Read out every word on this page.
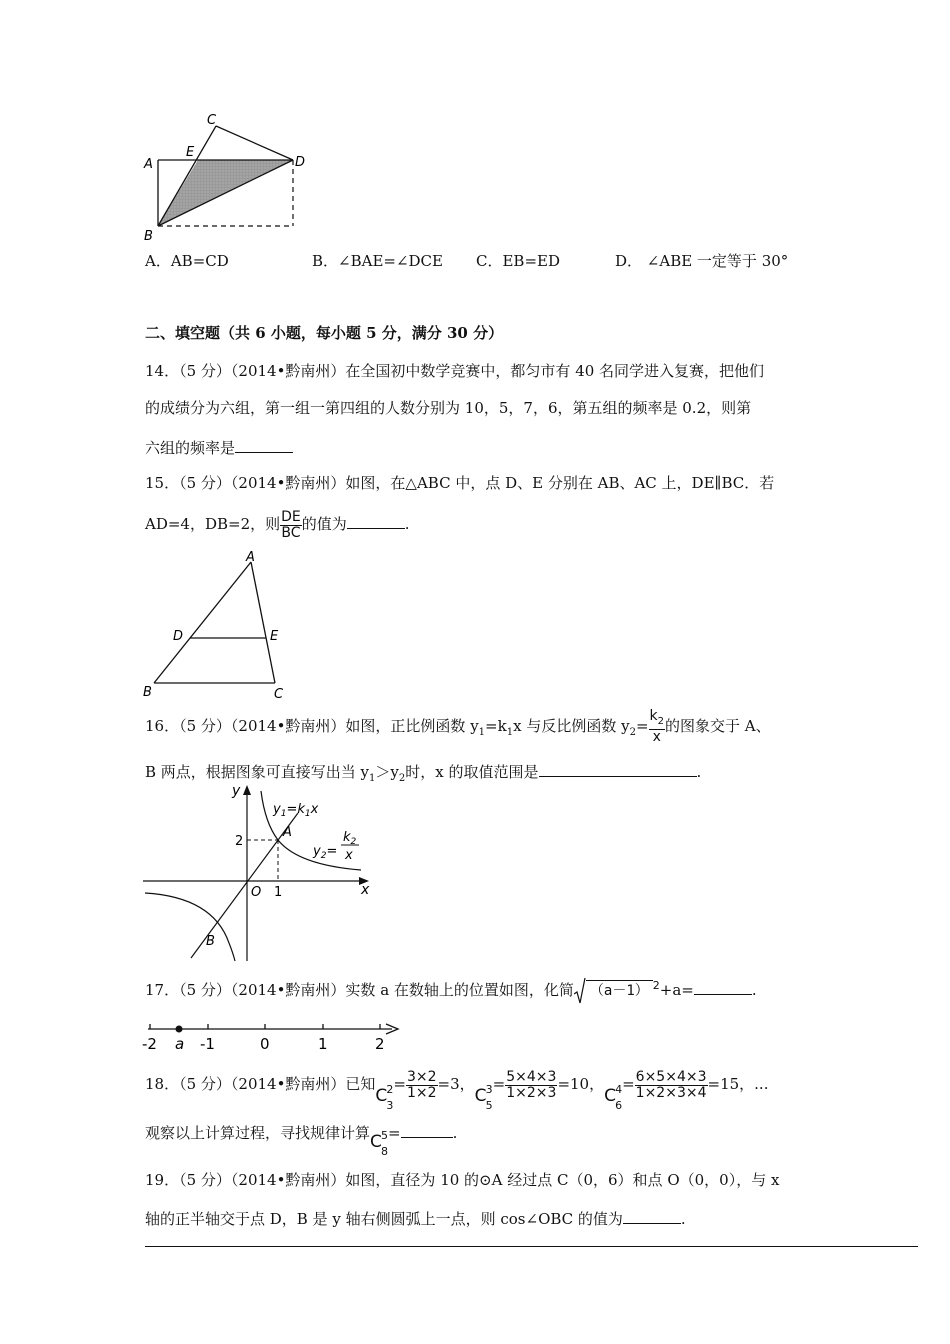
A
B
C
D
E
A．AB=CD	B．∠BAE=∠DCE C．EB=ED	D． ∠ABE 一定等于 30°
二、填空题（共 6 小题，每小题 5 分，满分 30 分）
14．（5 分）（2014•黔南州）在全国初中数学竞赛中，都匀市有 40 名同学进入复赛，把他们
的成绩分为六组，第一组一第四组的人数分别为 10，5，7，6，第五组的频率是 0.2，则第
六组的频率是
15．（5 分）（2014•黔南州）如图，在△ABC 中，点 D、E 分别在 AB、AC 上，DE∥BC．若
AD=4，DB=2，则 $\frac{DE}{BC}$ 的值为	.
A
B	C
D	E
16．（5 分）（2014•黔南州）如图，正比例函数 $y_1=k_1x$ 与反比例函数 $y_2= \frac{k_2}{x}$ 的图象交于 A、
B 两点，根据图象可直接写出当 $y_1>y_2$时，x 的取值范围是	.
y
x
O 1
2
A
B
$y_1=k_1x$
$y_2=$
$k_2$
x
17．（5 分）（2014•黔南州）实数 a 在数轴上的位置如图，化简 （a－1） $^2$+a=	.
-2 a -1	0	1	2
18．（5 分）（2014•黔南州）已知
C 2
3
= $\frac{3\times 2}{1\times 2} =3$，
C 3
5
= $\frac{5\times 4\times 3}{1\times 2\times 3} =10$，
C 4
6
= $\frac{6\times 5\times 4\times 3}{1\times 2\times 3\times 4} =15$，...
观察以上计算过程，寻找规律计算 C 5
8
=	.
19．（5 分）（2014•黔南州）如图，直径为 10 的⊙A 经过点 C（0，6）和点 O（0，0），与 x
轴的正半轴交于点 D，B 是 y 轴右侧圆弧上一点，则 cos∠OBC 的值为	.
